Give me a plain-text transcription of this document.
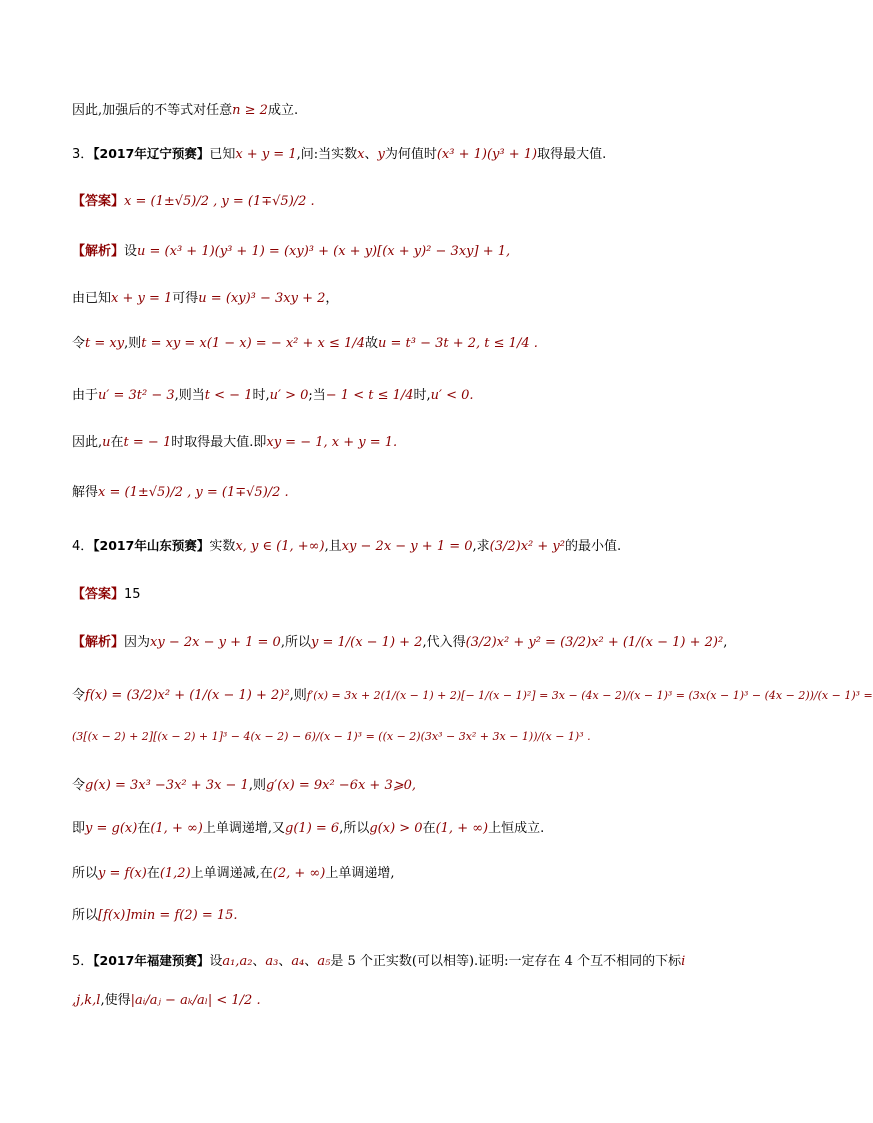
因此,加强后的不等式对任意n ≥ 2成立.
3．【2017年辽宁预赛】已知x + y = 1,问:当实数x、y为何值时(x³ + 1)(y³ + 1)取得最大值.
【答案】x = (1±√5)/2 , y = (1∓√5)/2 .
【解析】设u = (x³ + 1)(y³ + 1) = (xy)³ + (x + y)[(x + y)² − 3xy] + 1,
由已知x + y = 1可得u = (xy)³ − 3xy + 2，
令t = xy,则t = xy = x(1 − x) = − x² + x ≤ 1/4故u = t³ − 3t + 2, t ≤ 1/4 .
由于u′ = 3t² − 3,则当t < − 1时,u′ > 0;当− 1 < t ≤ 1/4时,u′ < 0.
因此,u在t = − 1时取得最大值.即xy = − 1, x + y = 1.
解得x = (1±√5)/2 , y = (1∓√5)/2 .
4．【2017年山东预赛】实数x, y ∈ (1, +∞),且xy − 2x − y + 1 = 0,求(3/2)x² + y²的最小值.
【答案】15
【解析】因为xy − 2x − y + 1 = 0,所以y = 1/(x − 1) + 2,代入得(3/2)x² + y² = (3/2)x² + (1/(x − 1) + 2)²,
令f(x) = (3/2)x² + (1/(x − 1) + 2)²,则f′(x) = 3x + 2(1/(x − 1) + 2)[− 1/(x − 1)²] = 3x − (4x − 2)/(x − 1)³ = (3x(x − 1)³ − (4x − 2))/(x − 1)³ =
(3[(x − 2) + 2][(x − 2) + 1]³ − 4(x − 2) − 6)/(x − 1)³ = ((x − 2)(3x³ − 3x² + 3x − 1))/(x − 1)³ .
令g(x) = 3x³ −3x² + 3x − 1,则g′(x) = 9x² −6x + 3⩾0,
即y = g(x)在(1, + ∞)上单调递增,又g(1) = 6,所以g(x) > 0在(1, + ∞)上恒成立.
所以y = f(x)在(1,2)上单调递减,在(2, + ∞)上单调递增,
所以[f(x)]min = f(2) = 15.
5．【2017年福建预赛】设a₁,a₂、a₃、a₄、a₅是 5 个正实数(可以相等).证明:一定存在 4 个互不相同的下标i
,j,k,l,使得|aᵢ/aⱼ − aₖ/aₗ| < 1/2 .
